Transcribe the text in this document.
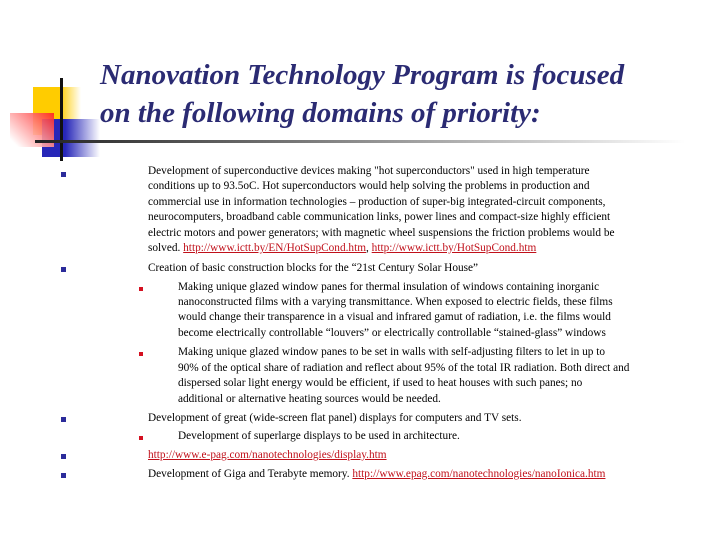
Nanovation Technology Program is focused
on the following domains of priority:
Development of superconductive devices making "hot superconductors" used in high temperature
conditions up to 93.5oC. Hot superconductors would help solving the problems in production and
commercial use in information technologies – production of super-big integrated-circuit components,
neurocomputers, broadband cable communication links, power lines and compact-size highly efficient
electric motors and power generators; with magnetic wheel suspensions the friction problems would be
solved. http://www.ictt.by/EN/HotSupCond.htm, http://www.ictt.by/HotSupCond.htm
Creation of basic construction blocks for the “21st Century Solar House”
Making unique glazed window panes for thermal insulation of windows containing inorganic
nanoconstructed films with a varying transmittance. When exposed to electric fields, these films
would change their transparence in a visual and infrared gamut of radiation, i.e. the films would
become electrically controllable “louvers” or electrically controllable “stained-glass” windows
Making unique glazed window panes to be set in walls with self-adjusting filters to let in up to
90% of the optical share of radiation and reflect about 95% of the total IR radiation. Both direct and
dispersed solar light energy would be efficient, if used to heat houses with such panes; no
additional or alternative heating sources would be needed.
Development of great (wide-screen flat panel) displays for computers and TV sets.
Development of superlarge displays to be used in architecture.
http://www.e-pag.com/nanotechnologies/display.htm
Development of Giga and Terabyte memory. http://www.epag.com/nanotechnologies/nanoIonica.htm
